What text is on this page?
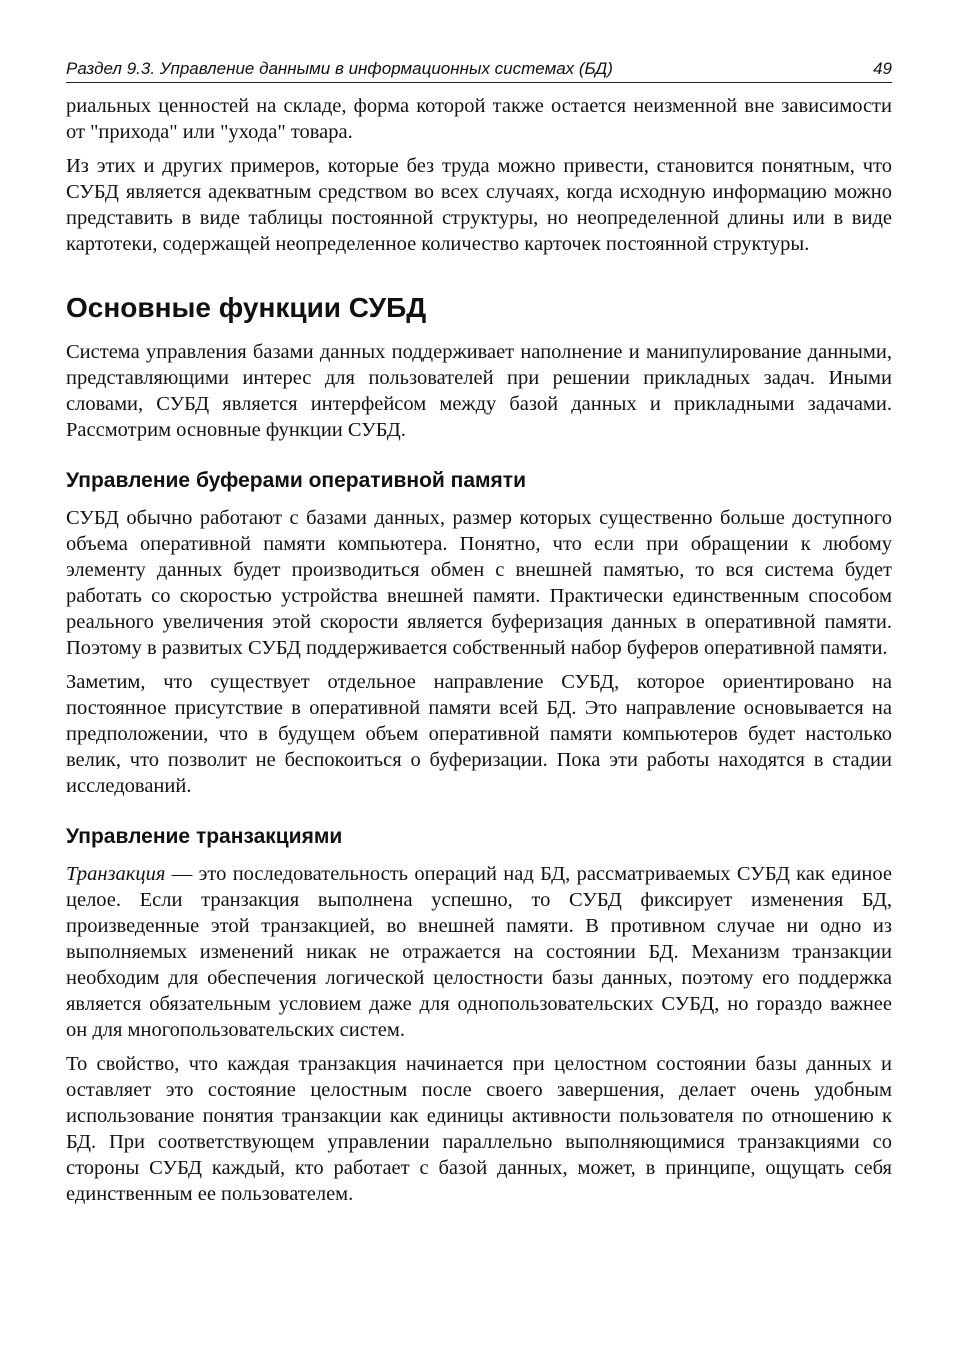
Раздел 9.3. Управление данными в информационных системах (БД)	49

риальных ценностей на складе, форма которой также остается неизменной вне зависимости от "прихода" или "ухода" товара.

Из этих и других примеров, которые без труда можно привести, становится понятным, что СУБД является адекватным средством во всех случаях, когда исходную информацию можно представить в виде таблицы постоянной структуры, но неопределенной длины или в виде картотеки, содержащей неопределенное количество карточек постоянной структуры.

Основные функции СУБД

Система управления базами данных поддерживает наполнение и манипулирование данными, представляющими интерес для пользователей при решении прикладных задач. Иными словами, СУБД является интерфейсом между базой данных и прикладными задачами. Рассмотрим основные функции СУБД.

Управление буферами оперативной памяти

СУБД обычно работают с базами данных, размер которых существенно больше доступного объема оперативной памяти компьютера. Понятно, что если при обращении к любому элементу данных будет производиться обмен с внешней памятью, то вся система будет работать со скоростью устройства внешней памяти. Практически единственным способом реального увеличения этой скорости является буферизация данных в оперативной памяти. Поэтому в развитых СУБД поддерживается собственный набор буферов оперативной памяти.

Заметим, что существует отдельное направление СУБД, которое ориентировано на постоянное присутствие в оперативной памяти всей БД. Это направление основывается на предположении, что в будущем объем оперативной памяти компьютеров будет настолько велик, что позволит не беспокоиться о буферизации. Пока эти работы находятся в стадии исследований.

Управление транзакциями

Транзакция — это последовательность операций над БД, рассматриваемых СУБД как единое целое. Если транзакция выполнена успешно, то СУБД фиксирует изменения БД, произведенные этой транзакцией, во внешней памяти. В противном случае ни одно из выполняемых изменений никак не отражается на состоянии БД. Механизм транзакции необходим для обеспечения логической целостности базы данных, поэтому его поддержка является обязательным условием даже для однопользовательских СУБД, но гораздо важнее он для многопользовательских систем.

То свойство, что каждая транзакция начинается при целостном состоянии базы данных и оставляет это состояние целостным после своего завершения, делает очень удобным использование понятия транзакции как единицы активности пользователя по отношению к БД. При соответствующем управлении параллельно выполняющимися транзакциями со стороны СУБД каждый, кто работает с базой данных, может, в принципе, ощущать себя единственным ее пользователем.
